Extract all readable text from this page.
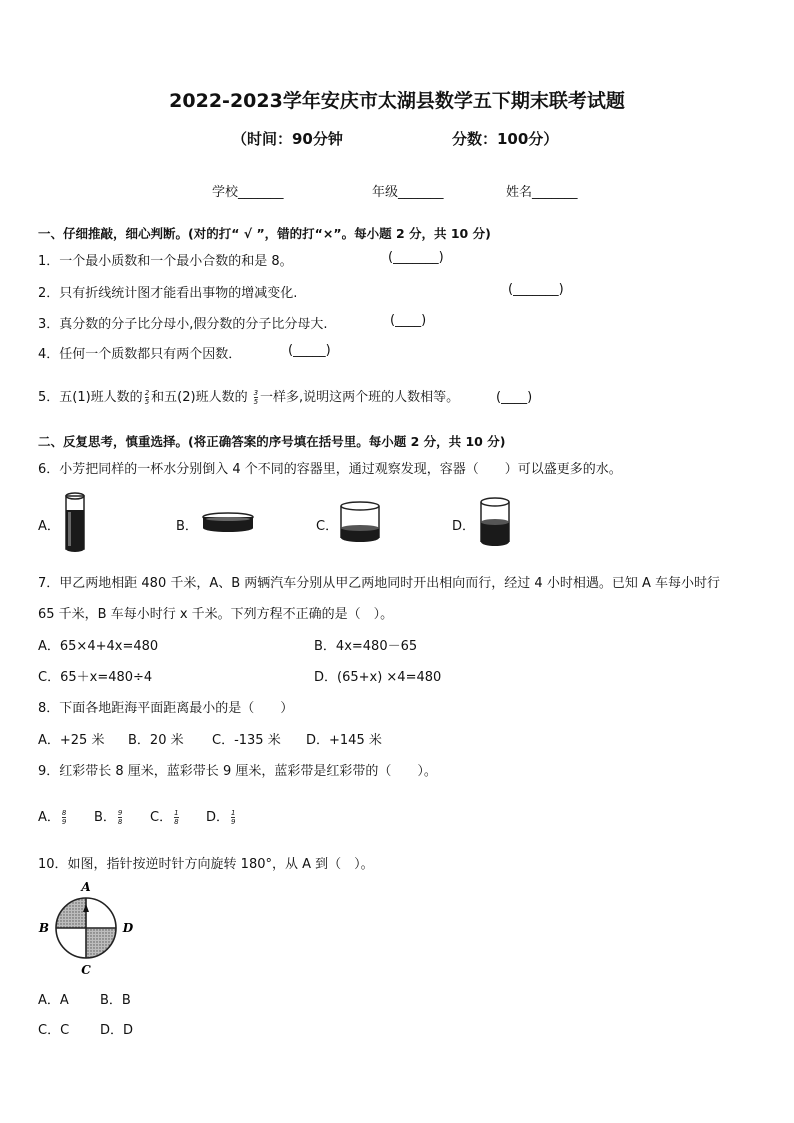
2022-2023学年安庆市太湖县数学五下期末联考试题
（时间：90分钟	分数：100分）
学校_______	年级_______	姓名_______
一、仔细推敲，细心判断。(对的打“ √ ”，错的打“×”。每小题 2 分，共 10 分)
1．一个最小质数和一个最小合数的和是 8。	(_______)
2．只有折线统计图才能看出事物的增减变化.	(_______)
3．真分数的分子比分母小,假分数的分子比分母大.	(____)
4．任何一个质数都只有两个因数．	(_____)
5．五(1)班人数的 $\frac{2}{5}$ 和五(2)班人数的 $\frac{3}{5}$ 一样多,说明这两个班的人数相等。	(____)
二、反复思考，慎重选择。(将正确答案的序号填在括号里。每小题 2 分，共 10 分)
6．小芳把同样的一杯水分别倒入 4 个不同的容器里，通过观察发现，容器（　　）可以盛更多的水。
A．	B．	C．	D．
7．甲乙两地相距 480 千米，A、B 两辆汽车分别从甲乙两地同时开出相向而行，经过 4 小时相遇。已知 A 车每小时行
65 千米，B 车每小时行 x 千米。下列方程不正确的是（　）。
A．65×4+4x=480	B．4x=480－65
C．65＋x=480÷4	D．(65+x) ×4=480
8．下面各地距海平面距离最小的是（　　）
A．+25 米 B．20 米 C．-135 米 D．+145 米
9．红彩带长 8 厘米，蓝彩带长 9 厘米，蓝彩带是红彩带的（　　）。
A． $\frac{8}{9}$ B． $\frac{9}{8}$ C． $\frac{1}{8}$ D． $\frac{1}{9}$
10．如图，指针按逆时针方向旋转 180°，从 A 到（　）。
A
B	D
C
A．A B．B
C．C D．D
